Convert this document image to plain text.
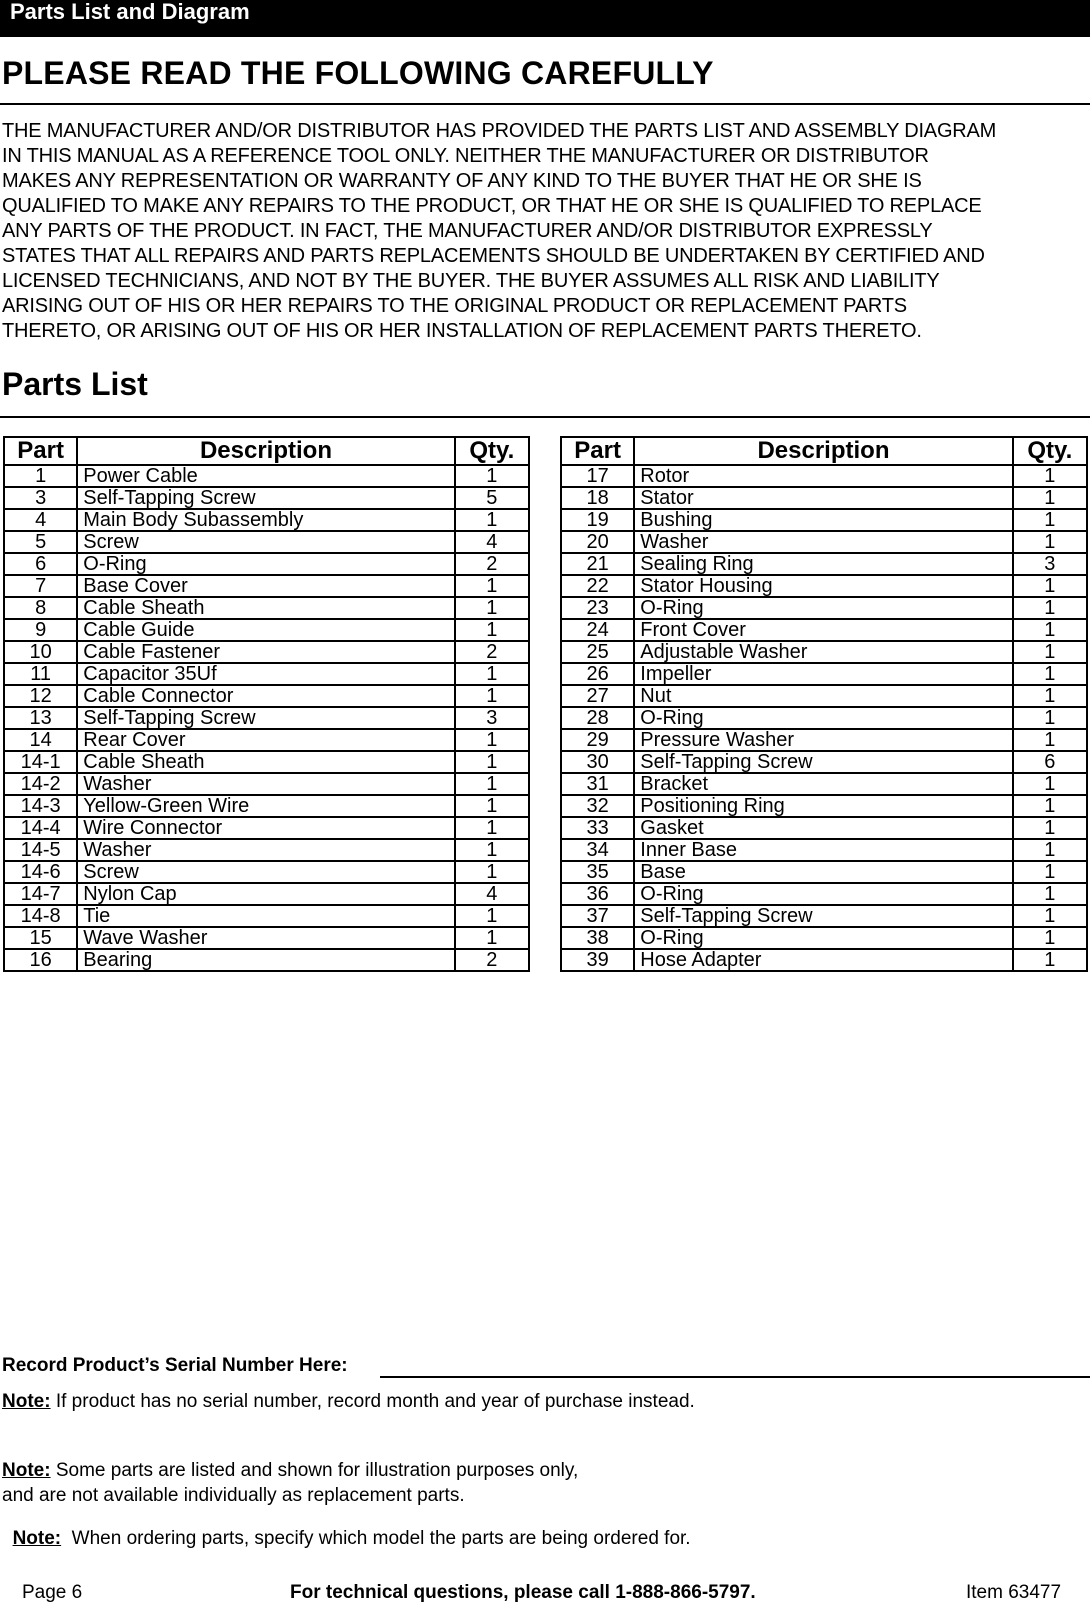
Parts List and Diagram
PLEASE READ THE FOLLOWING CAREFULLY
THE MANUFACTURER AND/OR DISTRIBUTOR HAS PROVIDED THE PARTS LIST AND ASSEMBLY DIAGRAM
IN THIS MANUAL AS A REFERENCE TOOL ONLY. NEITHER THE MANUFACTURER OR DISTRIBUTOR
MAKES ANY REPRESENTATION OR WARRANTY OF ANY KIND TO THE BUYER THAT HE OR SHE IS
QUALIFIED TO MAKE ANY REPAIRS TO THE PRODUCT, OR THAT HE OR SHE IS QUALIFIED TO REPLACE
ANY PARTS OF THE PRODUCT. IN FACT, THE MANUFACTURER AND/OR DISTRIBUTOR EXPRESSLY
STATES THAT ALL REPAIRS AND PARTS REPLACEMENTS SHOULD BE UNDERTAKEN BY CERTIFIED AND
LICENSED TECHNICIANS, AND NOT BY THE BUYER. THE BUYER ASSUMES ALL RISK AND LIABILITY
ARISING OUT OF HIS OR HER REPAIRS TO THE ORIGINAL PRODUCT OR REPLACEMENT PARTS
THERETO, OR ARISING OUT OF HIS OR HER INSTALLATION OF REPLACEMENT PARTS THERETO.
Parts List
Part	Description	Qty.
1	Power Cable	1
3	Self-Tapping Screw	5
4	Main Body Subassembly	1
5	Screw	4
6	O-Ring	2
7	Base Cover	1
8	Cable Sheath	1
9	Cable Guide	1
10	Cable Fastener	2
11	Capacitor 35Uf	1
12	Cable Connector	1
13	Self-Tapping Screw	3
14	Rear Cover	1
14-1	Cable Sheath	1
14-2	Washer	1
14-3	Yellow-Green Wire	1
14-4	Wire Connector	1
14-5	Washer	1
14-6	Screw	1
14-7	Nylon Cap	4
14-8	Tie	1
15	Wave Washer	1
16	Bearing	2
Part	Description	Qty.
17	Rotor	1
18	Stator	1
19	Bushing	1
20	Washer	1
21	Sealing Ring	3
22	Stator Housing	1
23	O-Ring	1
24	Front Cover	1
25	Adjustable Washer	1
26	Impeller	1
27	Nut	1
28	O-Ring	1
29	Pressure Washer	1
30	Self-Tapping Screw	6
31	Bracket	1
32	Positioning Ring	1
33	Gasket	1
34	Inner Base	1
35	Base	1
36	O-Ring	1
37	Self-Tapping Screw	1
38	O-Ring	1
39	Hose Adapter	1
Record Product’s Serial Number Here:
Note: If product has no serial number, record month and year of purchase instead.

Note: Some parts are listed and shown for illustration purposes only,
and are not available individually as replacement parts.

Note:  When ordering parts, specify which model the parts are being ordered for.

Page 6	For technical questions, please call 1-888-866-5797.	Item 63477
